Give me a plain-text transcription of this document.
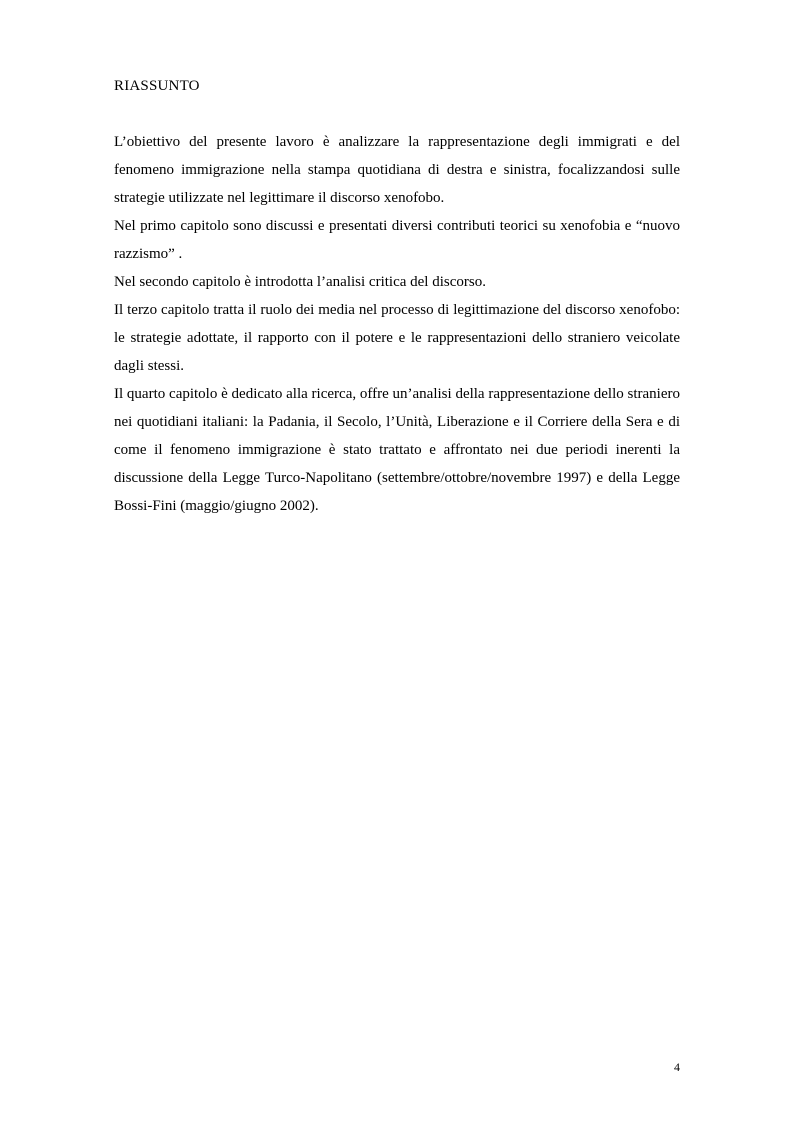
RIASSUNTO

L’obiettivo del presente lavoro è analizzare la rappresentazione degli immigrati e del fenomeno immigrazione nella stampa quotidiana di destra e sinistra, focalizzandosi sulle strategie utilizzate nel legittimare il discorso xenofobo.

Nel primo capitolo sono discussi e presentati diversi contributi teorici su xenofobia e “nuovo razzismo” .

Nel secondo capitolo è introdotta l’analisi critica del discorso.

Il terzo capitolo tratta il ruolo dei media nel processo di legittimazione del discorso xenofobo: le strategie adottate, il rapporto con il potere e le rappresentazioni dello straniero veicolate dagli stessi.

Il quarto capitolo è dedicato alla ricerca, offre un’analisi della rappresentazione dello straniero nei quotidiani italiani: la Padania, il Secolo, l’Unità, Liberazione e il Corriere della Sera e di come il fenomeno immigrazione è stato trattato e affrontato nei due periodi inerenti la discussione della Legge Turco-Napolitano (settembre/ottobre/novembre 1997) e della Legge Bossi-Fini (maggio/giugno 2002).

4
